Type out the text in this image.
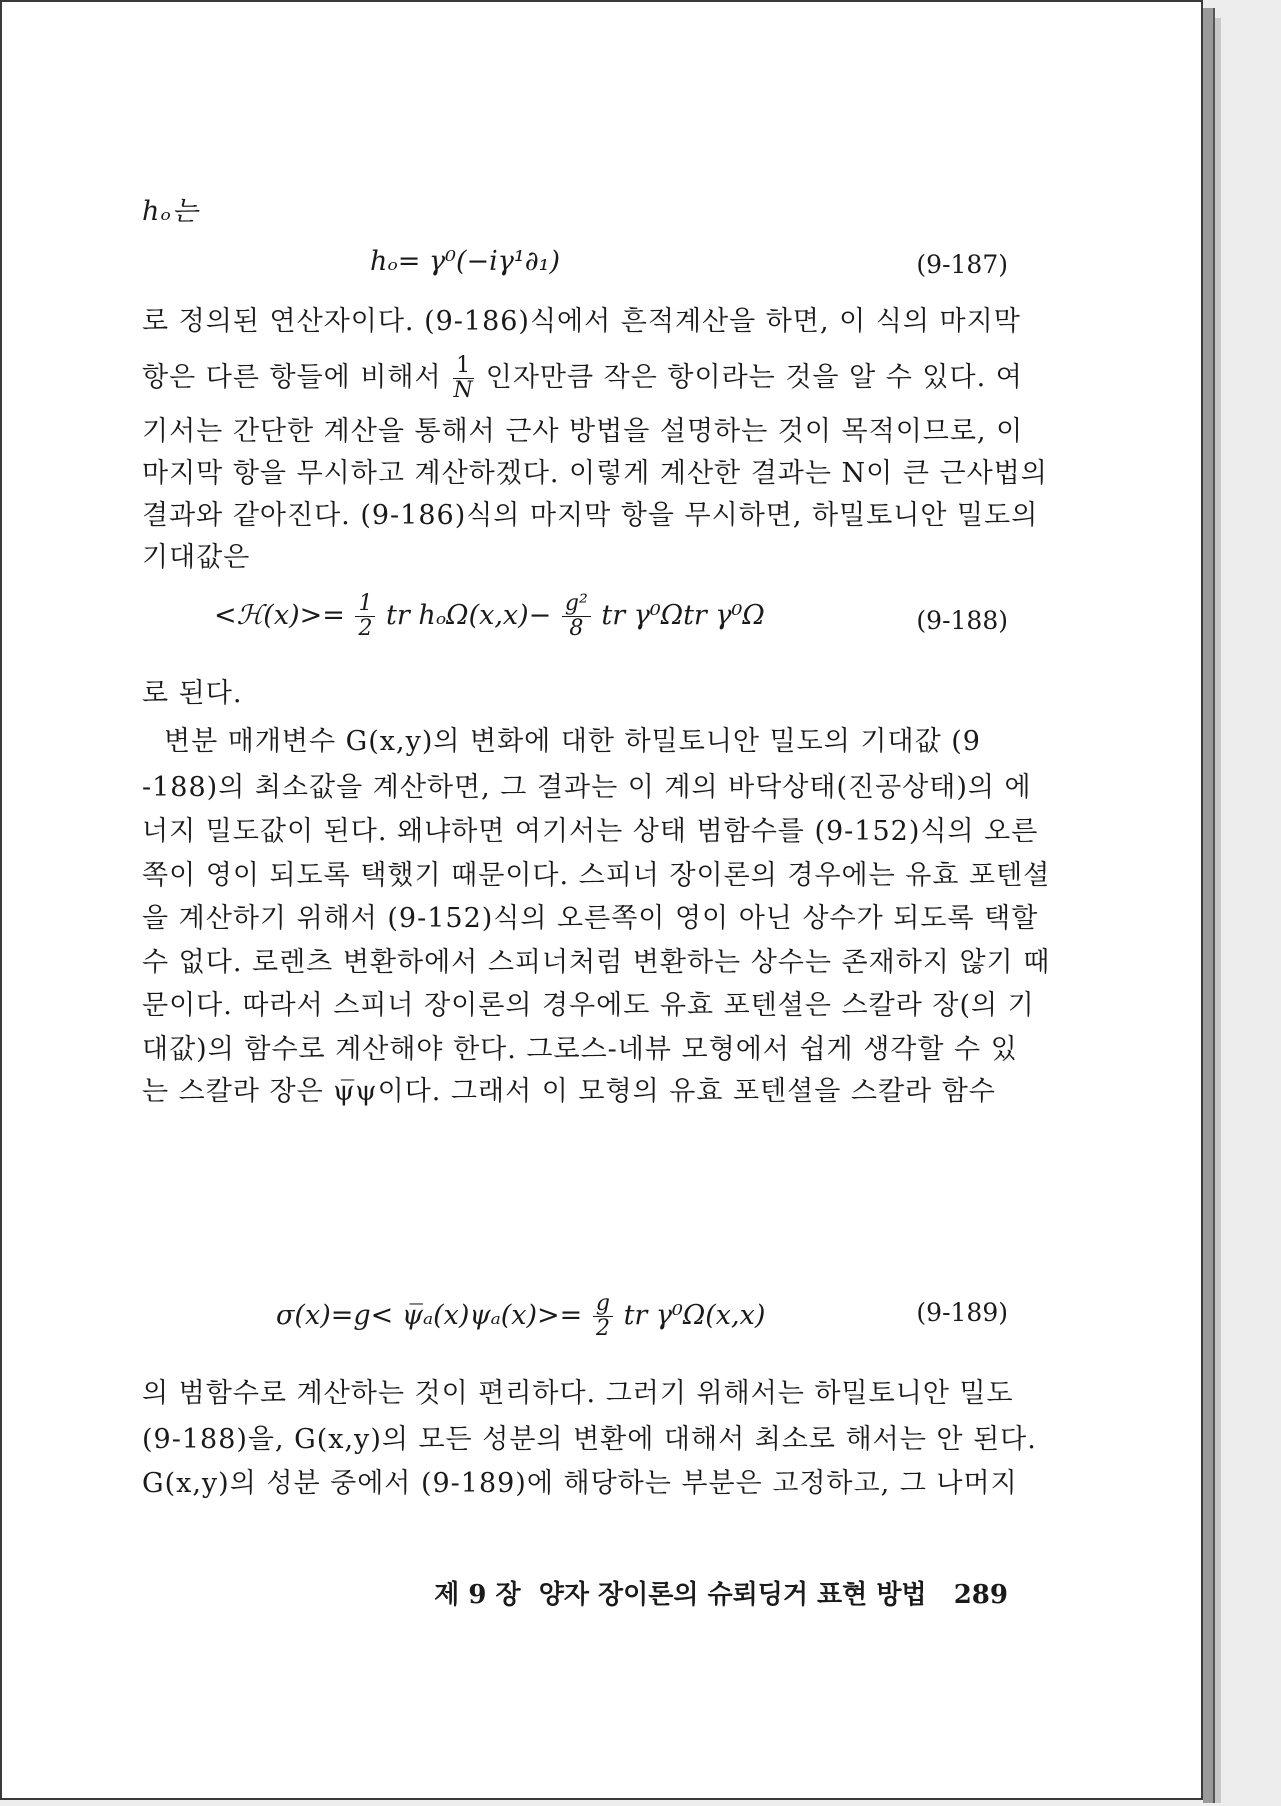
hₒ는
hₒ= γ⁰(−iγ¹∂₁)	(9-187)
로 정의된 연산자이다. (9-186)식에서 흔적계산을 하면, 이 식의 마지막
항은 다른 항들에 비해서 $\frac{1}{N}$ 인자만큼 작은 항이라는 것을 알 수 있다. 여
기서는 간단한 계산을 통해서 근사 방법을 설명하는 것이 목적이므로, 이
마지막 항을 무시하고 계산하겠다. 이렇게 계산한 결과는 N이 큰 근사법의
결과와 같아진다. (9-186)식의 마지막 항을 무시하면, 하밀토니안 밀도의
기대값은
<ℋ(x)>= $\frac{1}{2}$ tr $h_o\Omega(x,x)- \frac{\text{g²}}{8}$ tr γ⁰Ωtr γ⁰Ω	(9-188)
로 된다.
변분 매개변수 G(x,y)의 변화에 대한 하밀토니안 밀도의 기대값 (9
-188)의 최소값을 계산하면, 그 결과는 이 계의 바닥상태(진공상태)의 에
너지 밀도값이 된다. 왜냐하면 여기서는 상태 범함수를 (9-152)식의 오른
쪽이 영이 되도록 택했기 때문이다. 스피너 장이론의 경우에는 유효 포텐셜
을 계산하기 위해서 (9-152)식의 오른쪽이 영이 아닌 상수가 되도록 택할
수 없다. 로렌츠 변환하에서 스피너처럼 변환하는 상수는 존재하지 않기 때
문이다. 따라서 스피너 장이론의 경우에도 유효 포텐셜은 스칼라 장(의 기
대값)의 함수로 계산해야 한다. 그로스-네뷰 모형에서 쉽게 생각할 수 있
는 스칼라 장은 ψ̅ψ이다. 그래서 이 모형의 유효 포텐셜을 스칼라 함수
σ(x)=g< ψ̅ₐ(x)ψₐ(x)>= $\frac{g}{2}$ tr γ⁰Ω(x,x)	(9-189)
의 범함수로 계산하는 것이 편리하다. 그러기 위해서는 하밀토니안 밀도
(9-188)을, G(x,y)의 모든 성분의 변환에 대해서 최소로 해서는 안 된다.
G(x,y)의 성분 중에서 (9-189)에 해당하는 부분은 고정하고, 그 나머지
제 9 장 양자 장이론의 슈뢰딩거 표현 방법 289
